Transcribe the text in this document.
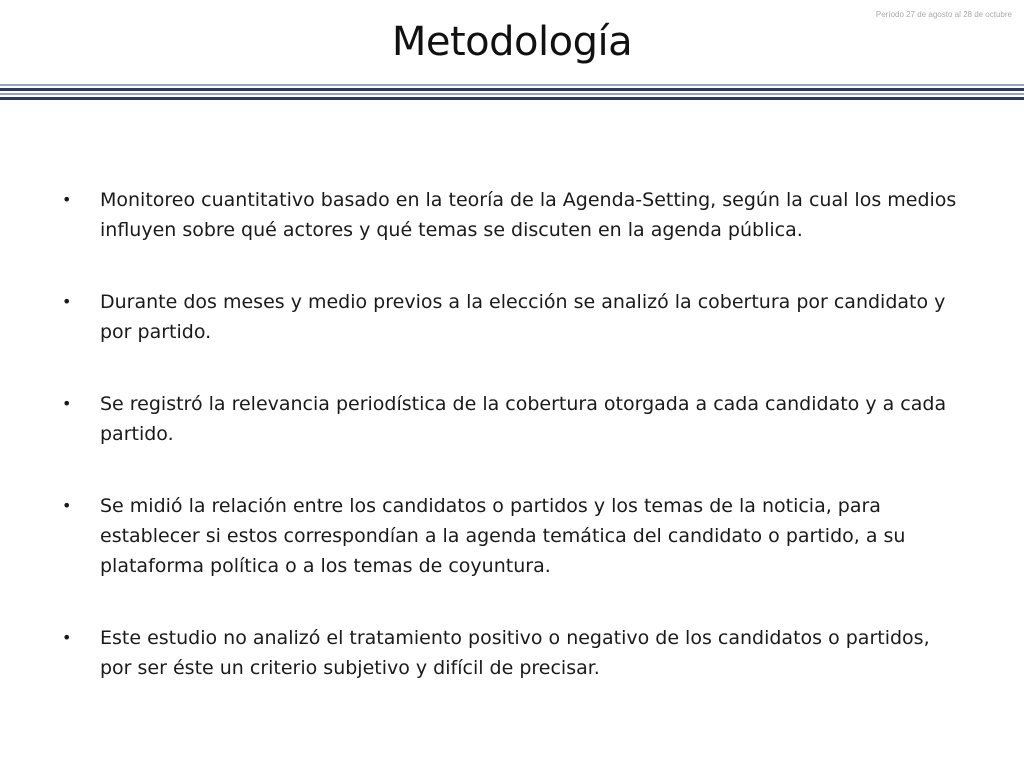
Período 27 de agosto al 28 de octubre
Metodología
• Monitoreo cuantitativo basado en la teoría de la Agenda-Setting, según la cual los medios influyen sobre qué actores y qué temas se discuten en la agenda pública.
• Durante dos meses y medio previos a la elección se analizó la cobertura por candidato y por partido.
• Se registró la relevancia periodística de la cobertura otorgada a cada candidato y a cada partido.
• Se midió la relación entre los candidatos o partidos y los temas de la noticia, para establecer si estos correspondían a la agenda temática del candidato o partido, a su plataforma política o a los temas de coyuntura.
• Este estudio no analizó el tratamiento positivo o negativo de los candidatos o partidos, por ser éste un criterio subjetivo y difícil de precisar.
